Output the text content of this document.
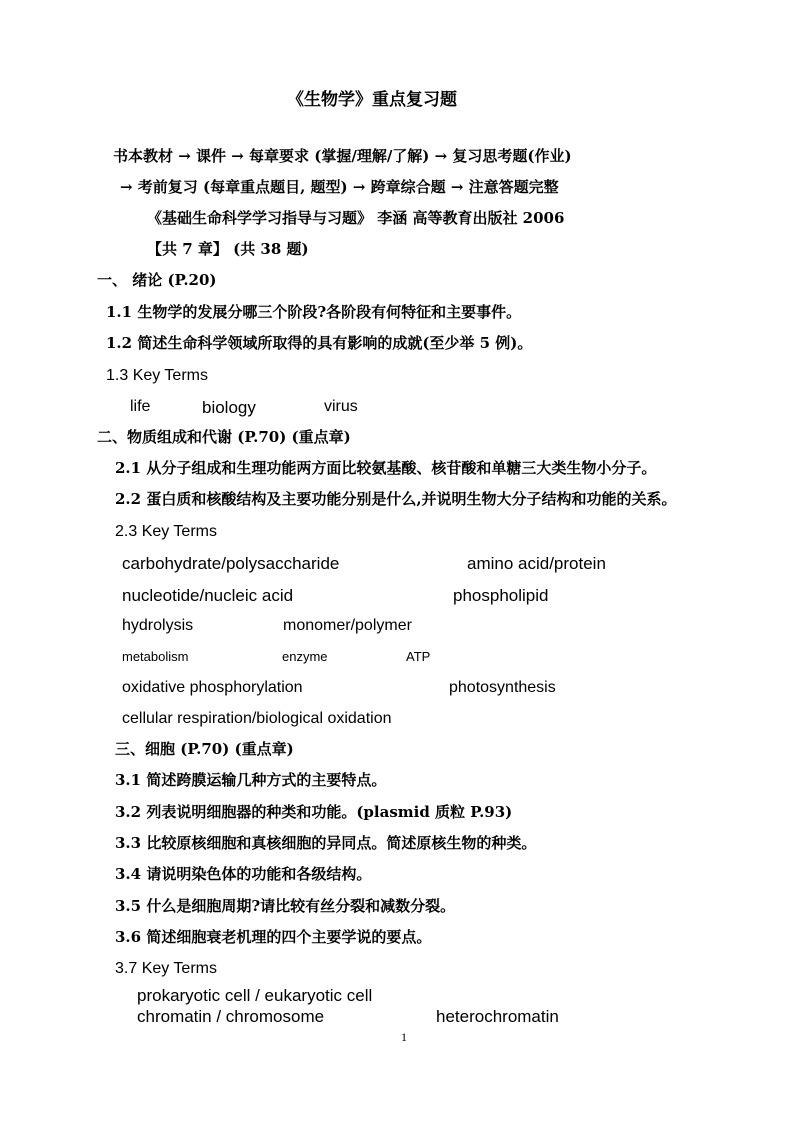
《生物学》重点复习题
书本教材 → 课件 → 每章要求 (掌握/理解/了解) → 复习思考题(作业)
→ 考前复习 (每章重点题目, 题型) → 跨章综合题 → 注意答题完整
《基础生命科学学习指导与习题》 李涵 高等教育出版社 2006
【共 7 章】 (共 38 题)
一、 绪论 (P.20)
1.1 生物学的发展分哪三个阶段?各阶段有何特征和主要事件。
1.2 简述生命科学领域所取得的具有影响的成就(至少举 5 例)。
1.3 Key Terms
life	biology	virus
二、物质组成和代谢 (P.70) (重点章)
2.1 从分子组成和生理功能两方面比较氨基酸、核苷酸和单糖三大类生物小分子。
2.2 蛋白质和核酸结构及主要功能分别是什么,并说明生物大分子结构和功能的关系。
2.3 Key Terms
carbohydrate/polysaccharide	amino acid/protein
nucleotide/nucleic acid	phospholipid
hydrolysis	monomer/polymer
metabolism	enzyme	ATP
oxidative phosphorylation	photosynthesis
cellular respiration/biological oxidation
三、细胞 (P.70) (重点章)
3.1 简述跨膜运输几种方式的主要特点。
3.2 列表说明细胞器的种类和功能。(plasmid 质粒 P.93)
3.3 比较原核细胞和真核细胞的异同点。简述原核生物的种类。
3.4 请说明染色体的功能和各级结构。
3.5 什么是细胞周期?请比较有丝分裂和减数分裂。
3.6 简述细胞衰老机理的四个主要学说的要点。
3.7 Key Terms
prokaryotic cell / eukaryotic cell
chromatin / chromosome	heterochromatin
1
